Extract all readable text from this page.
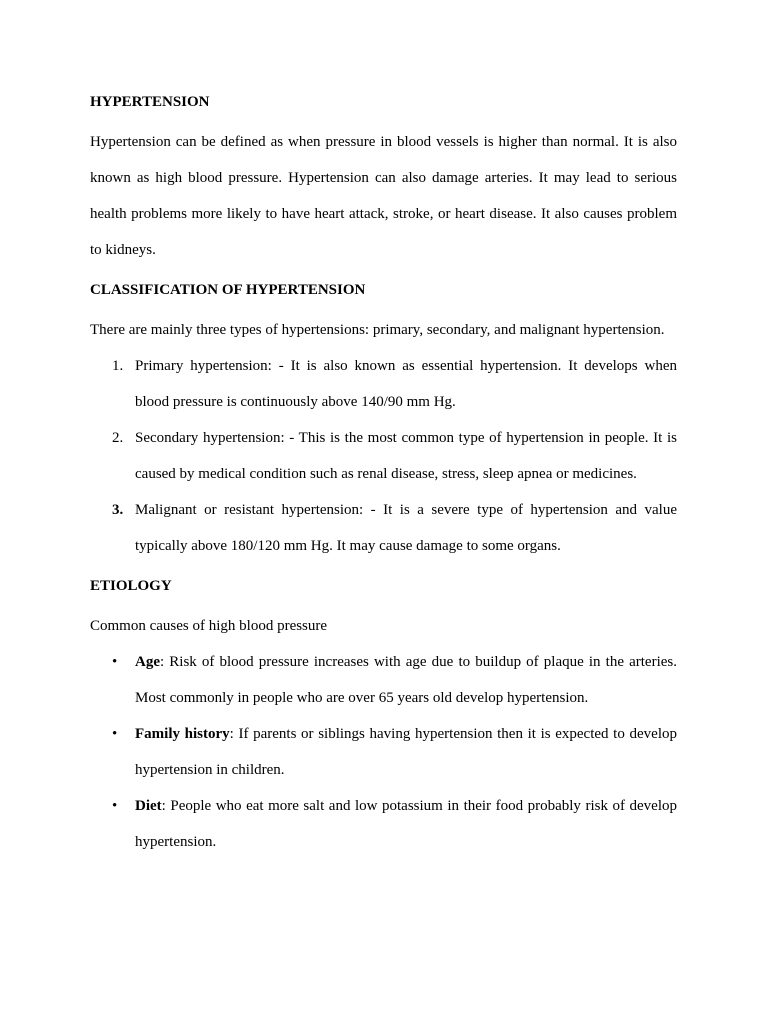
HYPERTENSION

Hypertension can be defined as when pressure in blood vessels is higher than normal. It is also known as high blood pressure. Hypertension can also damage arteries. It may lead to serious health problems more likely to have heart attack, stroke, or heart disease. It also causes problem to kidneys.

CLASSIFICATION OF HYPERTENSION

There are mainly three types of hypertensions: primary, secondary, and malignant hypertension.

1. Primary hypertension: - It is also known as essential hypertension. It develops when blood pressure is continuously above 140/90 mm Hg.
2. Secondary hypertension: - This is the most common type of hypertension in people. It is caused by medical condition such as renal disease, stress, sleep apnea or medicines.
3. Malignant or resistant hypertension: - It is a severe type of hypertension and value typically above 180/120 mm Hg. It may cause damage to some organs.

ETIOLOGY

Common causes of high blood pressure

• Age: Risk of blood pressure increases with age due to buildup of plaque in the arteries. Most commonly in people who are over 65 years old develop hypertension.
• Family history: If parents or siblings having hypertension then it is expected to develop hypertension in children.
• Diet: People who eat more salt and low potassium in their food probably risk of develop hypertension.
